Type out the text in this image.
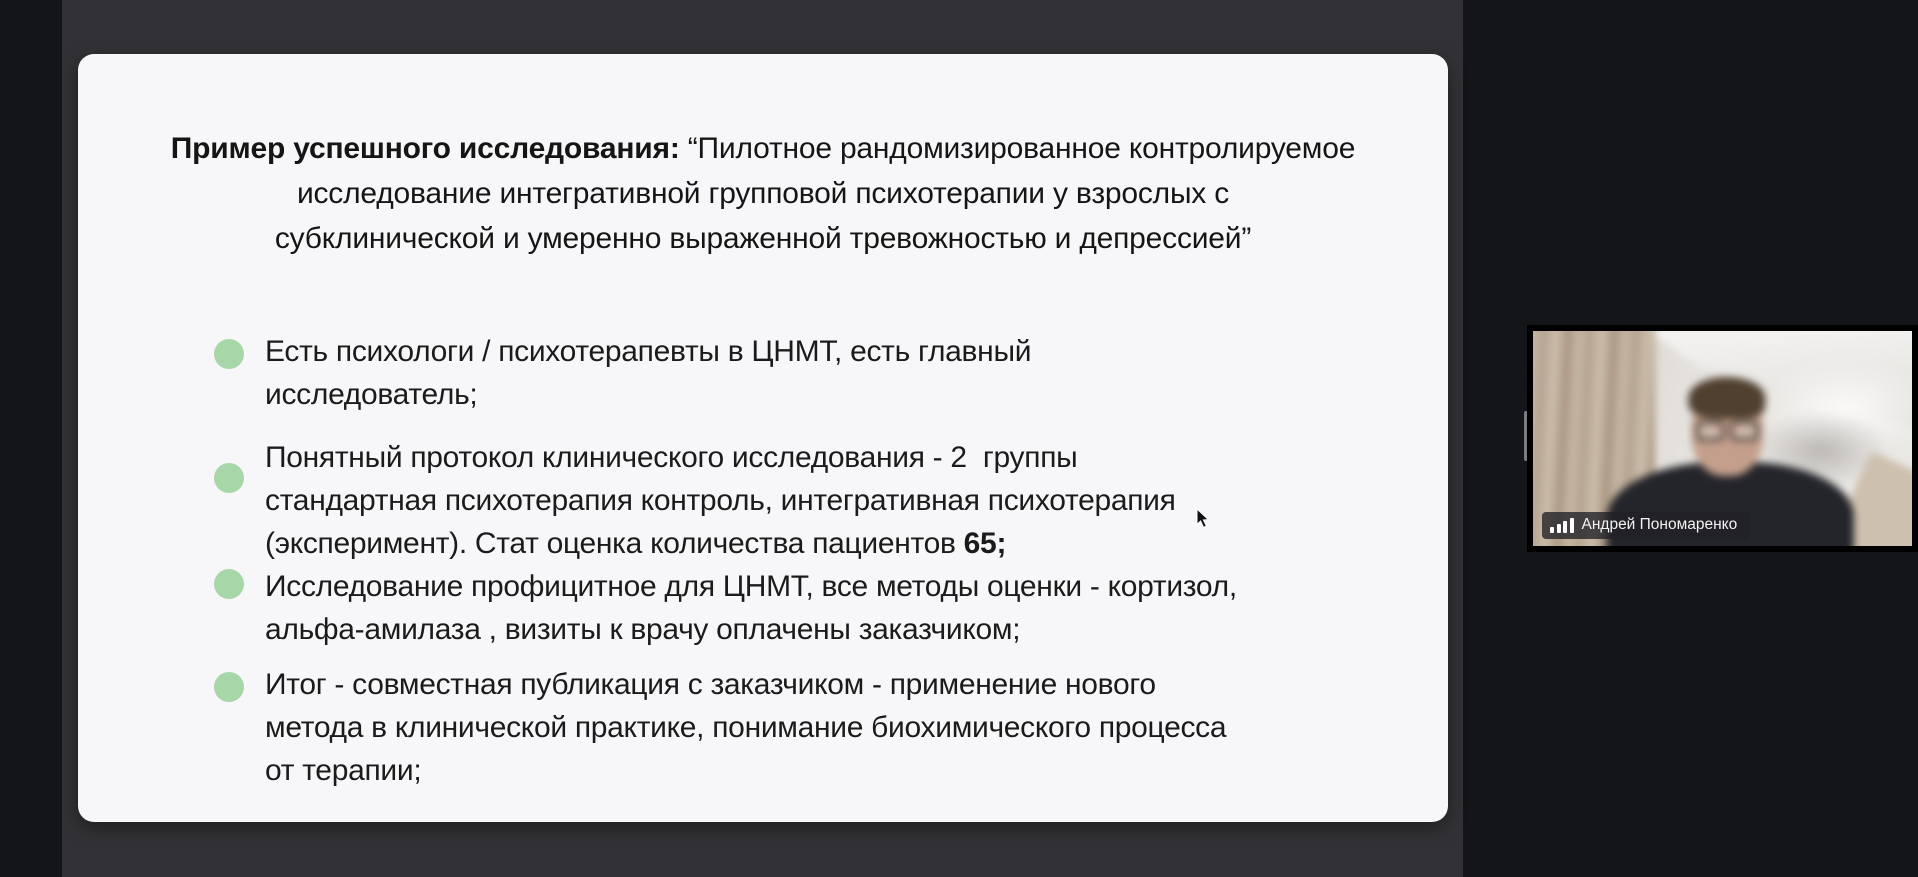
Пример успешного исследования: “Пилотное рандомизированное контролируемое
исследование интегративной групповой психотерапии у взрослых с
субклинической и умеренно выраженной тревожностью и депрессией”
Есть психологи / психотерапевты в ЦНМТ, есть главный
исследователь;
Понятный протокол клинического исследования - 2  группы
стандартная психотерапия контроль, интегративная психотерапия
(эксперимент). Стат оценка количества пациентов 65;
Исследование профицитное для ЦНМТ, все методы оценки - кортизол,
альфа-амилаза , визиты к врачу оплачены заказчиком;
Итог - совместная публикация с заказчиком - применение нового
метода в клинической практике, понимание биохимического процесса
от терапии;
Андрей Пономаренко
